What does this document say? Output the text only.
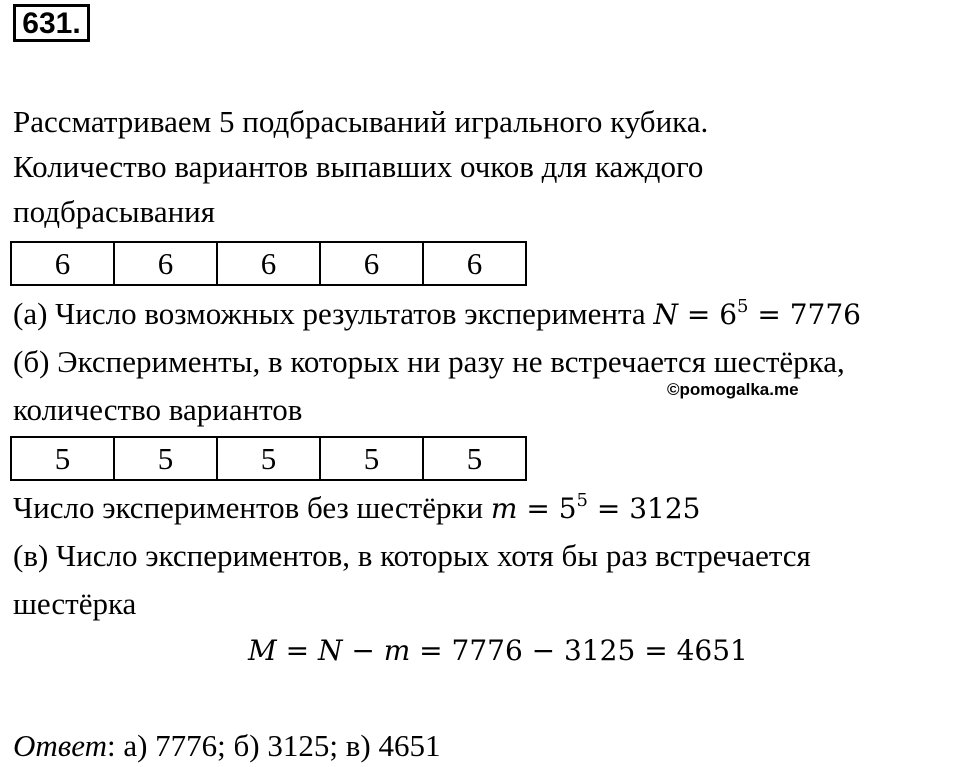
631.
Рассматриваем 5 подбрасываний игрального кубика.
Количество вариантов выпавших очков для каждого
подбрасывания
6	6	6	6	6
(а) Число возможных результатов эксперимента $N = 6^5 = 7776$
(б) Эксперименты, в которых ни разу не встречается шестёрка,
количество вариантов
©pomogalka.me
5	5	5	5	5
Число экспериментов без шестёрки $m = 5^5 = 3125$
(в) Число экспериментов, в которых хотя бы раз встречается
шестёрка
M = N − m = 7776 − 3125 = 4651
Ответ: а) 7776; б) 3125; в) 4651
